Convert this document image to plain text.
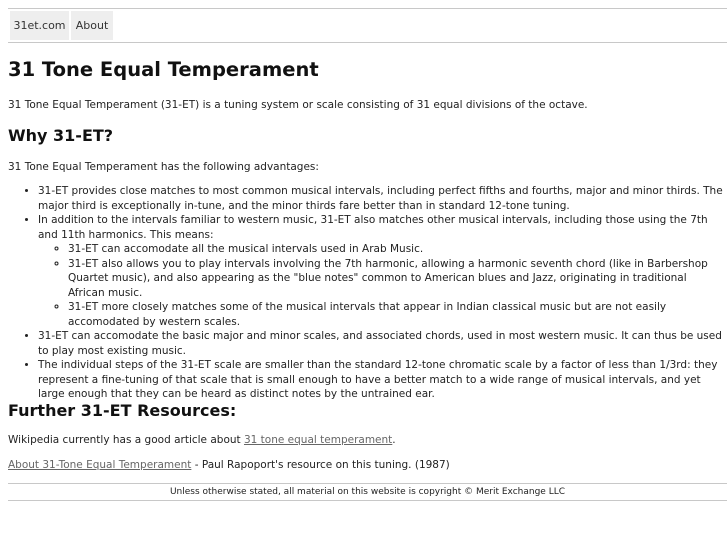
31et.com About
31 Tone Equal Temperament

31 Tone Equal Temperament (31-ET) is a tuning system or scale consisting of 31 equal divisions of the octave.

Why 31-ET?

31 Tone Equal Temperament has the following advantages:

• 31-ET provides close matches to most common musical intervals, including perfect fifths and fourths, major and minor thirds. The major third is exceptionally in-tune, and the minor thirds fare better than in standard 12-tone tuning.
• In addition to the intervals familiar to western music, 31-ET also matches other musical intervals, including those using the 7th and 11th harmonics. This means:
◦ 31-ET can accomodate all the musical intervals used in Arab Music.
◦ 31-ET also allows you to play intervals involving the 7th harmonic, allowing a harmonic seventh chord (like in Barbershop Quartet music), and also appearing as the "blue notes" common to American blues and Jazz, originating in traditional African music.
◦ 31-ET more closely matches some of the musical intervals that appear in Indian classical music but are not easily accomodated by western scales.
• 31-ET can accomodate the basic major and minor scales, and associated chords, used in most western music. It can thus be used to play most existing music.
• The individual steps of the 31-ET scale are smaller than the standard 12-tone chromatic scale by a factor of less than 1/3rd: they represent a fine-tuning of that scale that is small enough to have a better match to a wide range of musical intervals, and yet large enough that they can be heard as distinct notes by the untrained ear.
Further 31-ET Resources:

Wikipedia currently has a good article about 31 tone equal temperament.

About 31-Tone Equal Temperament - Paul Rapoport's resource on this tuning. (1987)

Unless otherwise stated, all material on this website is copyright © Merit Exchange LLC
